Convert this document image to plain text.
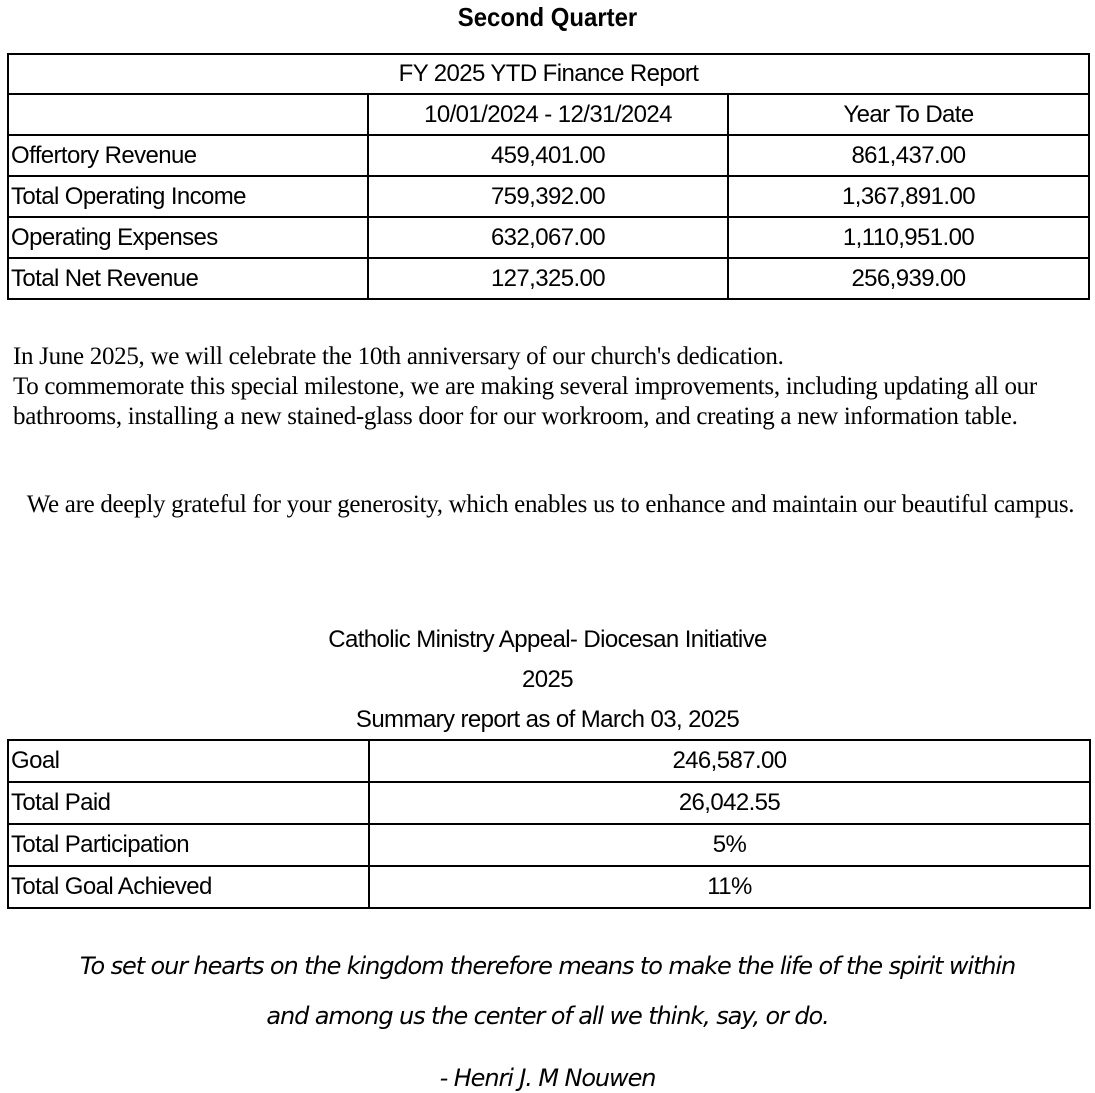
Second Quarter
FY 2025 YTD Finance Report		
	10/01/2024 - 12/31/2024	Year To Date
Offertory Revenue	459,401.00	861,437.00
Total Operating Income	759,392.00	1,367,891.00
Operating Expenses	632,067.00	1,110,951.00
Total Net Revenue	127,325.00	256,939.00
In June 2025, we will celebrate the 10th anniversary of our church's dedication.
To commemorate this special milestone, we are making several improvements, including updating all our bathrooms, installing a new stained-glass door for our workroom, and creating a new information table.
We are deeply grateful for your generosity, which enables us to enhance and maintain our beautiful campus.
Catholic Ministry Appeal- Diocesan Initiative
2025
Summary report as of March 03, 2025
Goal	246,587.00
Total Paid	26,042.55
Total Participation	5%
Total Goal Achieved	11%
To set our hearts on the kingdom therefore means to make the life of the spirit within
and among us the center of all we think, say, or do.
- Henri J. M Nouwen
